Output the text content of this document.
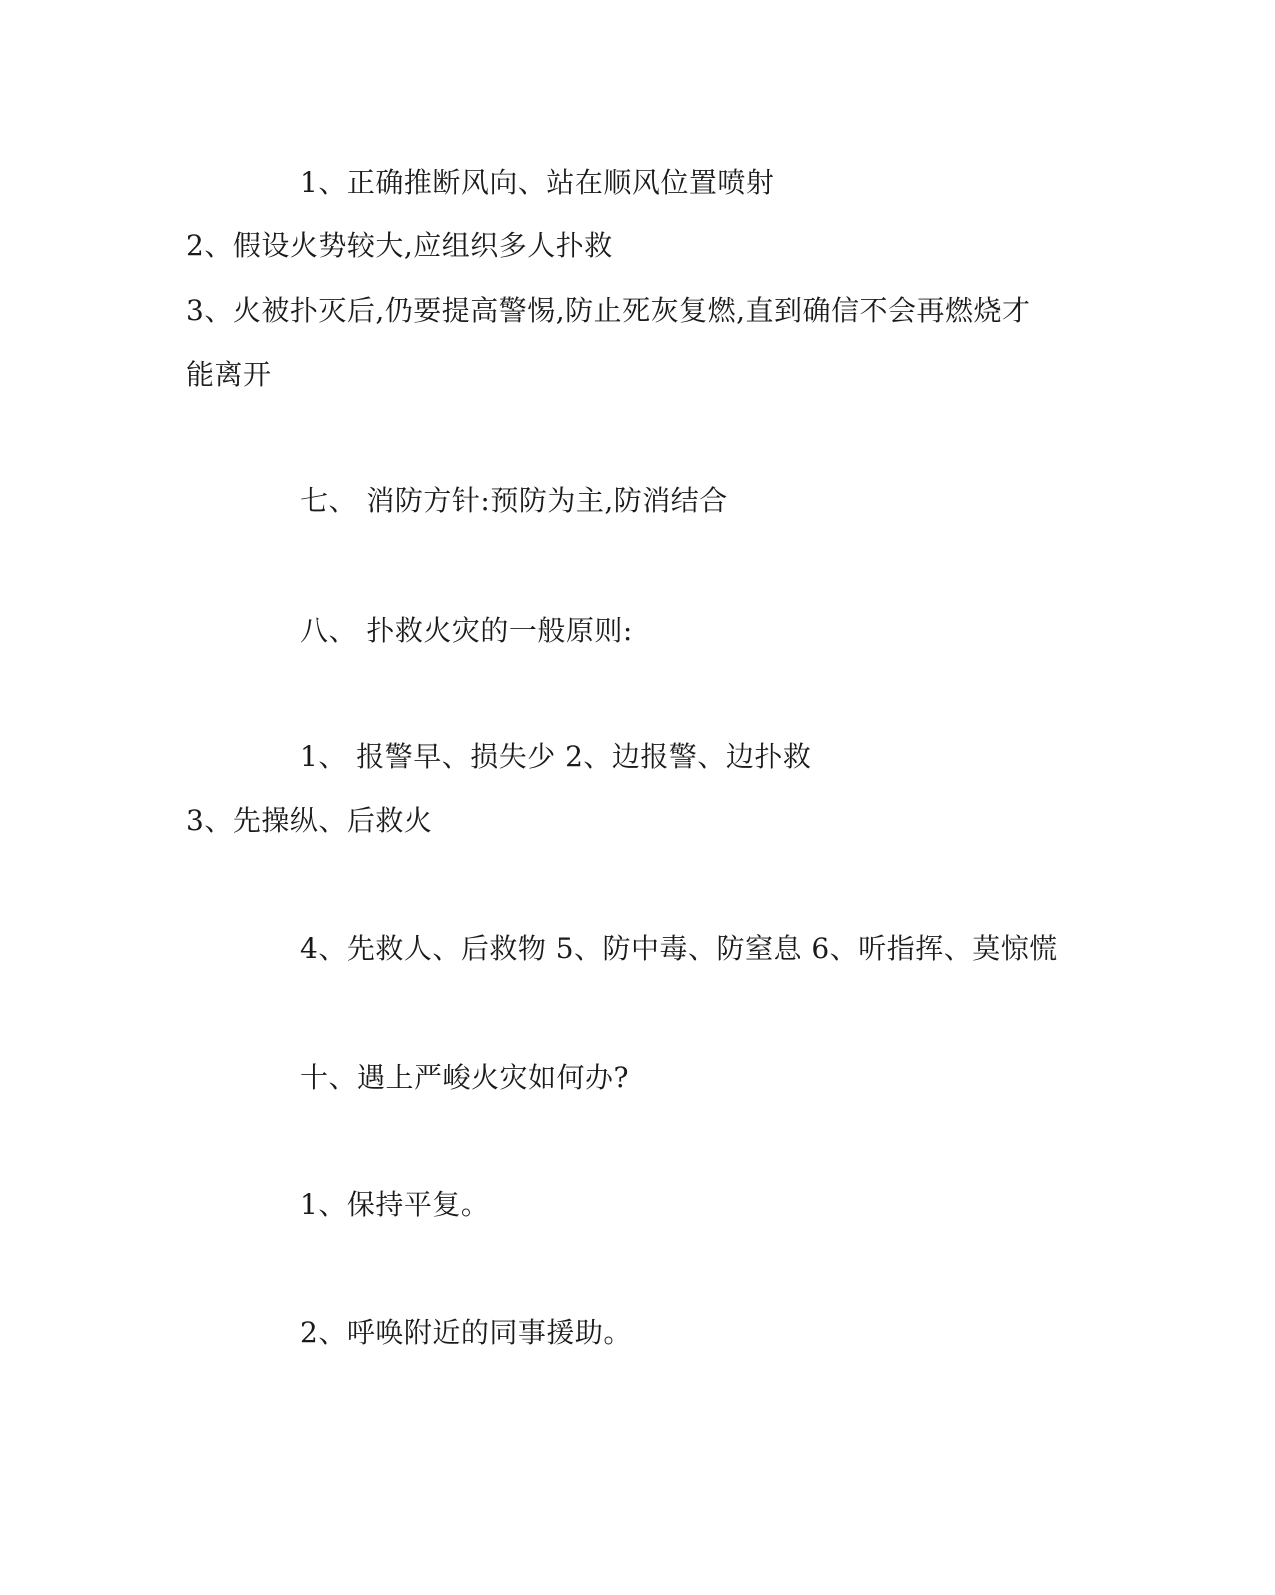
1、正确推断风向、站在顺风位置喷射
2、假设火势较大,应组织多人扑救
3、火被扑灭后,仍要提高警惕,防止死灰复燃,直到确信不会再燃烧才
能离开
七、 消防方针:预防为主,防消结合
八、 扑救火灾的一般原则:
1、 报警早、损失少 2、边报警、边扑救
3、先操纵、后救火
4、先救人、后救物 5、防中毒、防窒息 6、听指挥、莫惊慌
十、遇上严峻火灾如何办?
1、保持平复。
2、呼唤附近的同事援助。
